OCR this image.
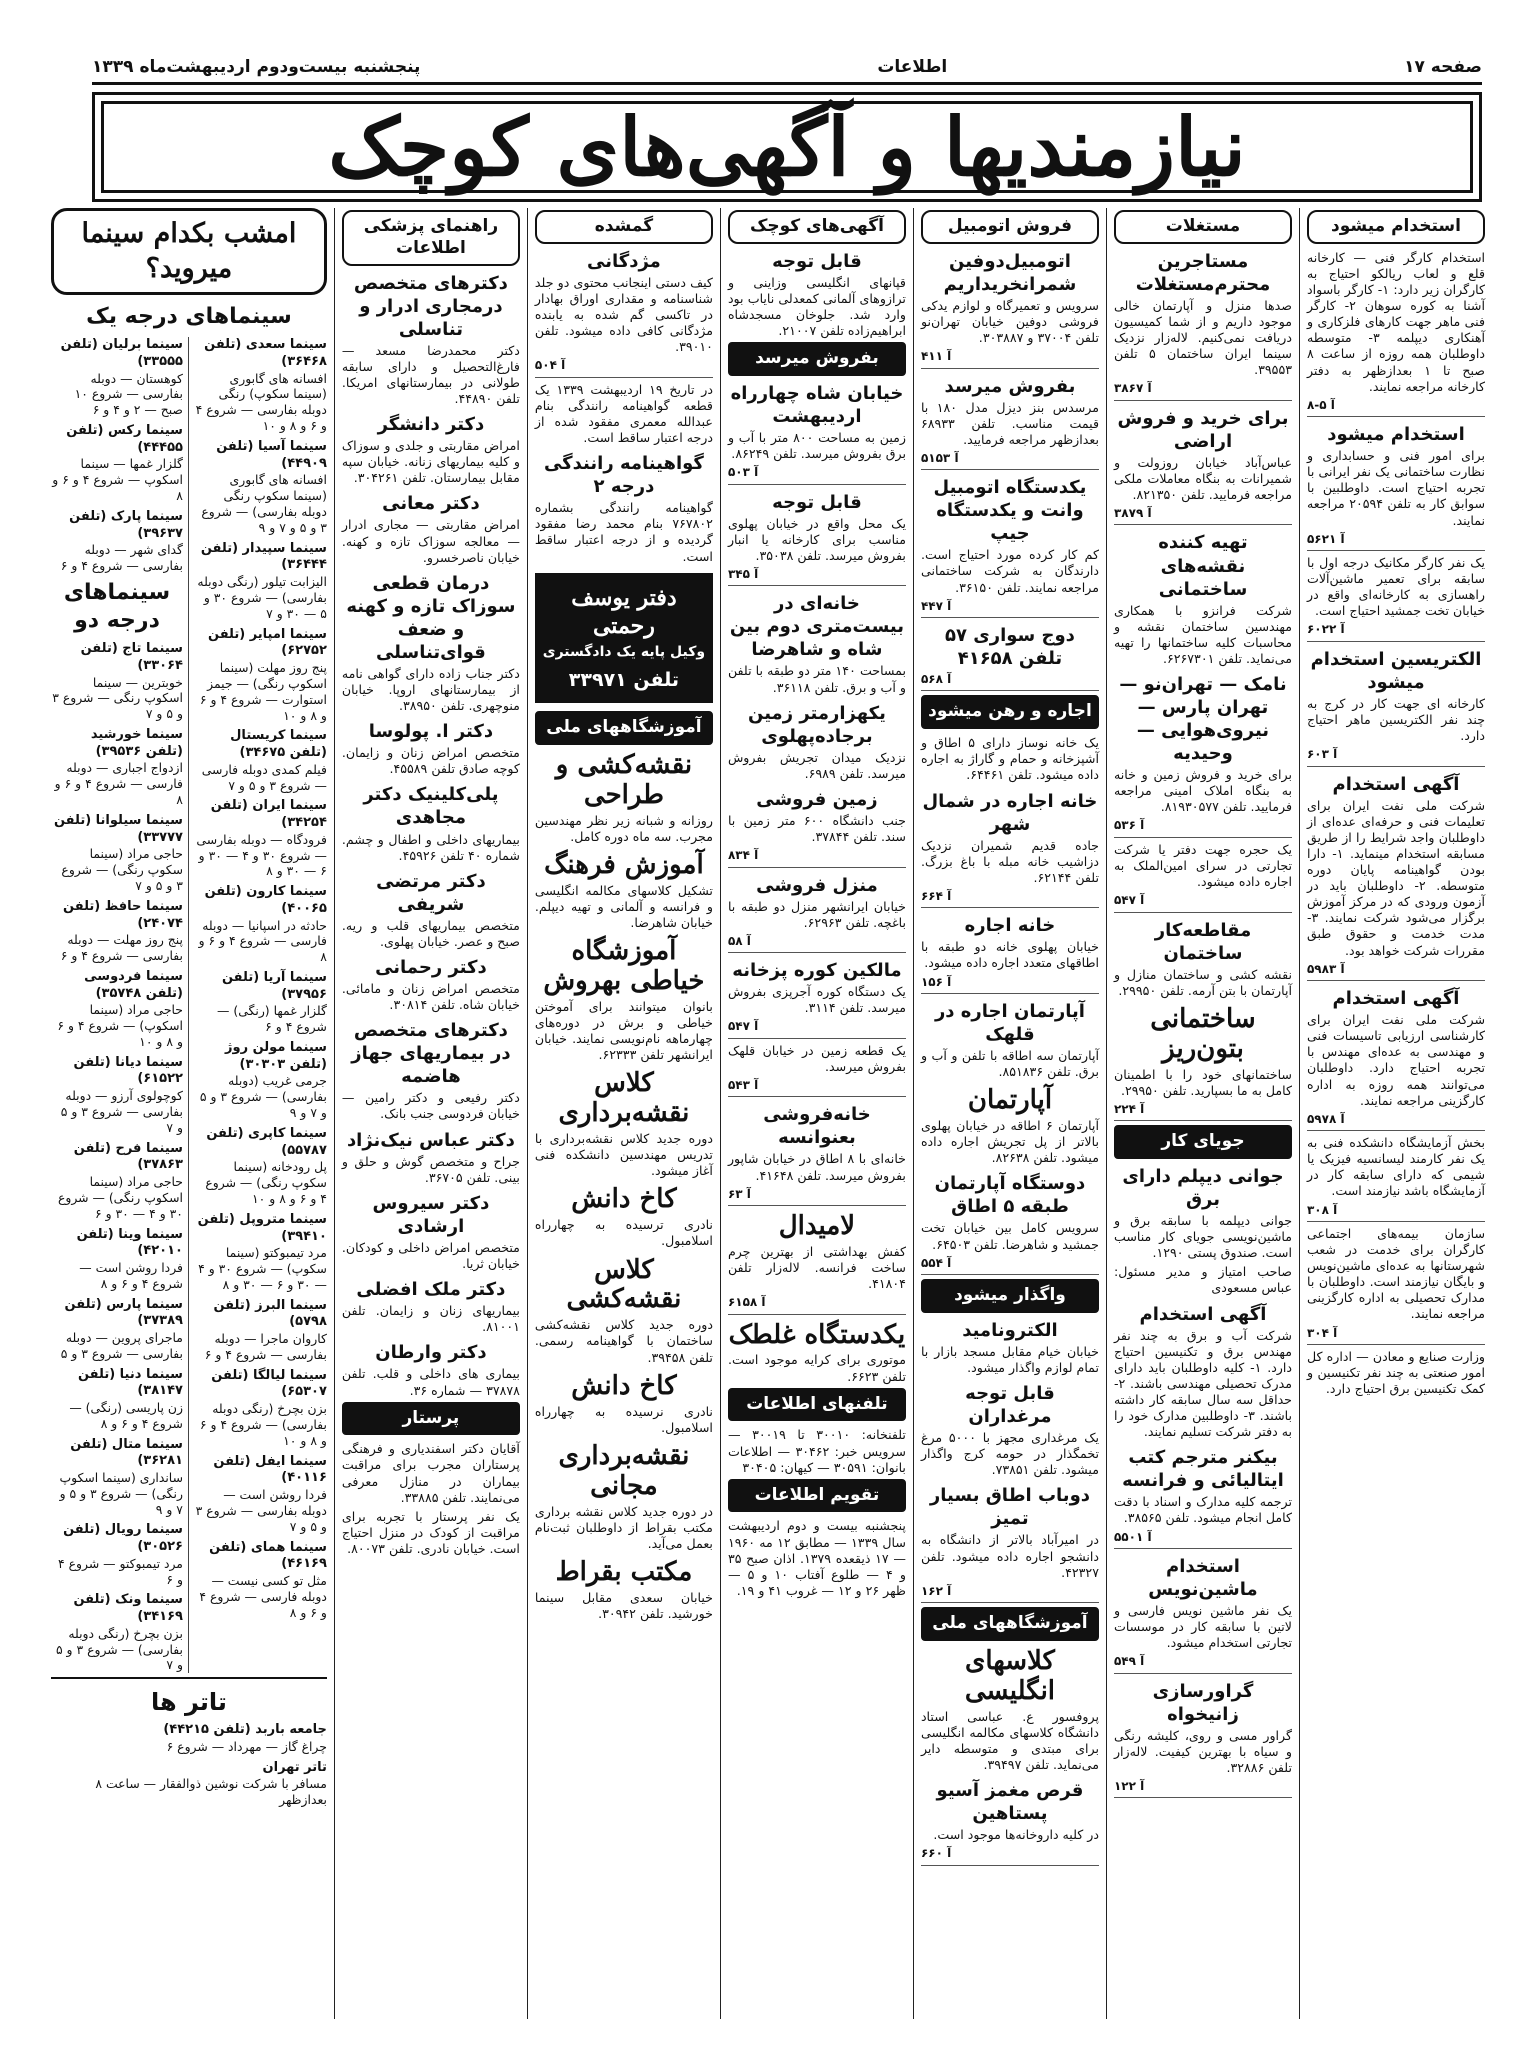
صفحه ۱۷
اطلاعات
پنجشنبه بیست‌ودوم اردیبهشت‌ماه ۱۳۳۹
نیازمندیها و آگهی‌های کوچک
استخدام میشود
استخدام کارگر فنی — کارخانه قلع و لعاب ریالکو احتیاج به کارگران زیر دارد: ۱- کارگر باسواد آشنا به کوره سوهان ۲- کارگر فنی ماهر جهت کارهای فلزکاری و آهنکاری دیپلمه ۳- متوسطه داوطلبان همه روزه از ساعت ۸ صبح تا ۱ بعدازظهر به دفتر کارخانه مراجعه نمایند.
۸-۵ آ
استخدام میشود
برای امور فنی و حسابداری و نظارت ساختمانی یک نفر ایرانی با تجربه احتیاج است. داوطلبین با سوابق کار به تلفن ۲۰۵۹۴ مراجعه نمایند.
۵۶۲۱ آ
یک نفر کارگر مکانیک درجه اول با سابقه برای تعمیر ماشین‌آلات راهسازی به کارخانه‌ای واقع در خیابان تخت جمشید احتیاج است.
۶۰۲۲ آ
الکتریسین استخدام میشود
کارخانه ای جهت کار در کرج به چند نفر الکتریسین ماهر احتیاج دارد.
۶۰۳ آ
آگهی استخدام
شرکت ملی نفت ایران برای تعلیمات فنی و حرفه‌ای عده‌ای از داوطلبان واجد شرایط را از طریق مسابقه استخدام مینماید. ۱- دارا بودن گواهینامه پایان دوره متوسطه. ۲- داوطلبان باید در آزمون ورودی که در مرکز آموزش برگزار می‌شود شرکت نمایند. ۳- مدت خدمت و حقوق طبق مقررات شرکت خواهد بود.
۵۹۸۳ آ
آگهی استخدام
شرکت ملی نفت ایران برای کارشناسی ارزیابی تاسیسات فنی و مهندسی به عده‌ای مهندس با تجربه احتیاج دارد. داوطلبان می‌توانند همه روزه به اداره کارگزینی مراجعه نمایند.
۵۹۷۸ آ
بخش آزمایشگاه دانشکده فنی به یک نفر کارمند لیسانسیه فیزیک یا شیمی که دارای سابقه کار در آزمایشگاه باشد نیازمند است.
۳۰۸ آ
سازمان بیمه‌های اجتماعی کارگران برای خدمت در شعب شهرستانها به عده‌ای ماشین‌نویس و بایگان نیازمند است. داوطلبان با مدارک تحصیلی به اداره کارگزینی مراجعه نمایند.
۳۰۴ آ
وزارت صنایع و معادن — اداره کل امور صنعتی به چند نفر تکنیسین و کمک تکنیسین برق احتیاج دارد.
مستغلات
مستاجرین محترم‌مستغلات
صدها منزل و آپارتمان خالی موجود داریم و از شما کمیسیون دریافت نمی‌کنیم. لاله‌زار نزدیک سینما ایران ساختمان ۵ تلفن ۳۹۵۵۳.
۳۸۶۷ آ
برای خرید و فروش اراضی
عباس‌آباد خیابان روزولت و شمیرانات به بنگاه معاملات ملکی مراجعه فرمایید. تلفن ۸۲۱۳۵۰.
۳۸۷۹ آ
تهیه کننده نقشه‌های ساختمانی
شرکت فرانزو با همکاری مهندسین ساختمان نقشه و محاسبات کلیه ساختمانها را تهیه می‌نماید. تلفن ۶۲۶۷۳۰۱.
نامک — تهران‌نو — تهران پارس — نیروی‌هوایی — وحیدیه
برای خرید و فروش زمین و خانه به بنگاه املاک امینی مراجعه فرمایید. تلفن ۸۱۹۳۰۵۷۷.
۵۳۶ آ
یک حجره جهت دفتر یا شرکت تجارتی در سرای امین‌الملک به اجاره داده میشود.
۵۴۷ آ
مقاطعه‌کار ساختمان
نقشه کشی و ساختمان منازل و آپارتمان با بتن آرمه. تلفن ۲۹۹۵۰.
ساختمانی بتون‌ریز
ساختمانهای خود را با اطمینان کامل به ما بسپارید. تلفن ۲۹۹۵۰.
۲۲۴ آ
جویای کار
جوانی دیپلم دارای برق
جوانی دیپلمه با سابقه برق و ماشین‌نویسی جویای کار مناسب است. صندوق پستی ۱۲۹۰.
صاحب امتیاز و مدیر مسئول: عباس مسعودی
آگهی استخدام
شرکت آب و برق به چند نفر مهندس برق و تکنیسین احتیاج دارد. ۱- کلیه داوطلبان باید دارای مدرک تحصیلی مهندسی باشند. ۲- حداقل سه سال سابقه کار داشته باشند. ۳- داوطلبین مدارک خود را به دفتر شرکت تسلیم نمایند.
بیکنر مترجم کتب ایتالیائی و فرانسه
ترجمه کلیه مدارک و اسناد با دقت کامل انجام میشود. تلفن ۳۸۵۶۵.
۵۵۰۱ آ
استخدام ماشین‌نویس
یک نفر ماشین نویس فارسی و لاتین با سابقه کار در موسسات تجارتی استخدام میشود.
۵۴۹ آ
گراورسازی زانیخواه
گراور مسی و روی، کلیشه رنگی و سیاه با بهترین کیفیت. لاله‌زار تلفن ۳۲۸۸۶.
۱۲۲ آ
فروش اتومبیل
اتومبیل‌دوفین شمرانخریداریم
سرویس و تعمیرگاه و لوازم یدکی فروشی دوفین خیابان تهران‌نو تلفن ۳۷۰۰۴ و ۳۰۳۸۸۷.
۴۱۱ آ
بفروش میرسد
مرسدس بنز دیزل مدل ۱۸۰ با قیمت مناسب. تلفن ۶۸۹۳۳ بعدازظهر مراجعه فرمایید.
۵۱۵۳ آ
یکدستگاه اتومبیل وانت و یکدستگاه جیپ
کم کار کرده مورد احتیاج است. دارندگان به شرکت ساختمانی مراجعه نمایند. تلفن ۳۶۱۵۰.
۴۴۷ آ
دوج سواری ۵۷ تلفن ۴۱۶۵۸
۵۶۸ آ
اجاره و رهن میشود
یک خانه نوساز دارای ۵ اطاق و آشپزخانه و حمام و گاراژ به اجاره داده میشود. تلفن ۶۴۴۶۱.
خانه اجاره در شمال شهر
جاده قدیم شمیران نزدیک دزاشیب خانه مبله با باغ بزرگ. تلفن ۶۲۱۴۴.
۶۶۴ آ
خانه اجاره
خیابان پهلوی خانه دو طبقه با اطاقهای متعدد اجاره داده میشود.
۱۵۶ آ
آپارتمان اجاره در قلهک
آپارتمان سه اطاقه با تلفن و آب و برق. تلفن ۸۵۱۸۳۶.
آپارتمان
آپارتمان ۶ اطاقه در خیابان پهلوی بالاتر از پل تجریش اجاره داده میشود. تلفن ۸۲۶۳۸.
دوستگاه آپارتمان طبقه ۵ اطاق
سرویس کامل بین خیابان تخت جمشید و شاهرضا. تلفن ۶۴۵۰۳.
۵۵۴ آ
واگذار میشود
الکترونامید
خیابان خیام مقابل مسجد بازار با تمام لوازم واگذار میشود.
قابل توجه مرغداران
یک مرغداری مجهز با ۵۰۰۰ مرغ تخمگذار در حومه کرج واگذار میشود. تلفن ۷۳۸۵۱.
دوباب اطاق بسیار تمیز
در امیرآباد بالاتر از دانشگاه به دانشجو اجاره داده میشود. تلفن ۴۲۳۲۷.
۱۶۲ آ
آموزشگاههای ملی
کلاسهای انگلیسی
پروفسور ع. عباسی استاد دانشگاه کلاسهای مکالمه انگلیسی برای مبتدی و متوسطه دایر می‌نماید. تلفن ۳۹۴۹۷.
قرص مغمز آسیو پستاهین
در کلیه داروخانه‌ها موجود است.
۶۶۰ آ
آگهی‌های کوچک
قابل توجه
قپانهای انگلیسی وزاینی و ترازوهای آلمانی کمعدلی نایاب بود وارد شد. جلوخان مسجدشاه ابراهیم‌زاده تلفن ۲۱۰۰۷.
بفروش میرسد
خیابان شاه چهارراه اردیبهشت
زمین به مساحت ۸۰۰ متر با آب و برق بفروش میرسد. تلفن ۸۶۲۴۹.
۵۰۳ آ
قابل توجه
یک محل واقع در خیابان پهلوی مناسب برای کارخانه یا انبار بفروش میرسد. تلفن ۳۵۰۳۸.
۳۴۵ آ
خانه‌ای در بیست‌متری دوم بین شاه و شاهرضا
بمساحت ۱۴۰ متر دو طبقه با تلفن و آب و برق. تلفن ۳۶۱۱۸.
یکهزارمتر زمین برجاده‌پهلوی
نزدیک میدان تجریش بفروش میرسد. تلفن ۶۹۸۹.
زمین فروشی
جنب دانشگاه ۶۰۰ متر زمین با سند. تلفن ۳۷۸۴۴.
۸۳۴ آ
منزل فروشی
خیابان ایرانشهر منزل دو طبقه با باغچه. تلفن ۶۲۹۶۳.
۵۸ آ
مالکین کوره پزخانه
یک دستگاه کوره آجرپزی بفروش میرسد. تلفن ۳۱۱۴.
۵۴۷ آ
یک قطعه زمین در خیابان قلهک بفروش میرسد.
۵۴۳ آ
خانه‌فروشی بعنوانسه
خانه‌ای با ۸ اطاق در خیابان شاپور بفروش میرسد. تلفن ۴۱۶۴۸.
۶۳ آ
لامیدال
کفش بهداشتی از بهترین چرم ساخت فرانسه. لاله‌زار تلفن ۴۱۸۰۴.
۶۱۵۸ آ
یکدستگاه غلطک
موتوری برای کرایه موجود است. تلفن ۶۶۲۳.
تلفنهای اطلاعات
تلفنخانه: ۳۰۰۱۰ تا ۳۰۰۱۹ — سرویس خبر: ۳۰۴۶۲ — اطلاعات بانوان: ۳۰۵۹۱ — کیهان: ۳۰۴۰۵
تقویم اطلاعات
پنجشنبه بیست و دوم اردیبهشت سال ۱۳۳۹ — مطابق ۱۲ مه ۱۹۶۰ — ۱۷ ذیقعده ۱۳۷۹. اذان صبح ۳۵ و ۴ — طلوع آفتاب ۱۰ و ۵ — ظهر ۲۶ و ۱۲ — غروب ۴۱ و ۱۹.
گمشده
مژدگانی
کیف دستی اینجانب محتوی دو جلد شناسنامه و مقداری اوراق بهادار در تاکسی گم شده به یابنده مژدگانی کافی داده میشود. تلفن ۳۹۰۱۰.
۵۰۴ آ
در تاریخ ۱۹ اردیبهشت ۱۳۳۹ یک قطعه گواهینامه رانندگی بنام عبدالله معمری مفقود شده از درجه اعتبار ساقط است.
گواهینامه رانندگی درجه ۲
گواهینامه رانندگی بشماره ۷۶۷۸۰۲ بنام محمد رضا مفقود گردیده و از درجه اعتبار ساقط است.
دفتر یوسف رحمتی
وکیل پایه یک دادگستری
تلفن ۳۳۹۷۱
آموزشگاههای ملی
نقشه‌کشی و طراحی
روزانه و شبانه زیر نظر مهندسین مجرب. سه ماه دوره کامل.
آموزش فرهنگ
تشکیل کلاسهای مکالمه انگلیسی و فرانسه و آلمانی و تهیه دیپلم. خیابان شاهرضا.
آموزشگاه خیاطی بهروش
بانوان میتوانند برای آموختن خیاطی و برش در دوره‌های چهارماهه نام‌نویسی نمایند. خیابان ایرانشهر تلفن ۶۲۳۳۳.
کلاس نقشه‌برداری
دوره جدید کلاس نقشه‌برداری با تدریس مهندسین دانشکده فنی آغاز میشود.
کاخ دانش
نادری ترسیده به چهارراه اسلامبول.
کلاس نقشه‌کشی
دوره جدید کلاس نقشه‌کشی ساختمان با گواهینامه رسمی. تلفن ۳۹۴۵۸.
کاخ دانش
نادری نرسیده به چهارراه اسلامبول.
نقشه‌برداری مجانی
در دوره جدید کلاس نقشه برداری مکتب بقراط از داوطلبان ثبت‌نام بعمل می‌آید.
مکتب بقراط
خیابان سعدی مقابل سینما خورشید. تلفن ۳۰۹۴۲.
راهنمای پزشکی اطلاعات
دکترهای متخصص درمجاری ادرار و تناسلی
دکتر محمدرضا مسعد — فارغ‌التحصیل و دارای سابقه طولانی در بیمارستانهای امریکا. تلفن ۴۴۸۹۰.
دکتر دانشگر
امراض مقاربتی و جلدی و سوزاک و کلیه بیماریهای زنانه. خیابان سپه مقابل بیمارستان. تلفن ۳۰۴۲۶۱.
دکتر معانی
امراض مقاربتی — مجاری ادرار — معالجه سوزاک تازه و کهنه. خیابان ناصرخسرو.
درمان قطعی سوزاک تازه و کهنه و ضعف قوای‌تناسلی
دکتر جناب زاده دارای گواهی نامه از بیمارستانهای اروپا. خیابان منوچهری. تلفن ۳۸۹۵۰.
دکتر ا. پولوسا
متخصص امراض زنان و زایمان. کوچه صادق تلفن ۴۵۵۸۹.
پلی‌کلینیک دکتر مجاهدی
بیماریهای داخلی و اطفال و چشم. شماره ۴۰ تلفن ۴۵۹۲۶.
دکتر مرتضی شریفی
متخصص بیماریهای قلب و ریه. صبح و عصر. خیابان پهلوی.
دکتر رحمانی
متخصص امراض زنان و مامائی. خیابان شاه. تلفن ۳۰۸۱۴.
دکترهای متخصص در بیماریهای جهاز هاضمه
دکتر رفیعی و دکتر رامین — خیابان فردوسی جنب بانک.
دکتر عباس نیک‌نژاد
جراح و متخصص گوش و حلق و بینی. تلفن ۳۶۷۰۵.
دکتر سیروس ارشادی
متخصص امراض داخلی و کودکان. خیابان ثریا.
دکتر ملک افضلی
بیماریهای زنان و زایمان. تلفن ۸۱۰۰۱.
دکتر وارطان
بیماری های داخلی و قلب. تلفن ۳۷۸۷۸ — شماره ۳۶.
پرستار
آقایان دکتر اسفندیاری و فرهنگی پرستاران مجرب برای مراقبت بیماران در منازل معرفی می‌نمایند. تلفن ۳۳۸۸۵.
یک نفر پرستار با تجربه برای مراقبت از کودک در منزل احتیاج است. خیابان نادری. تلفن ۸۰۰۷۳.
امشب بکدام سینما میروید؟
سینماهای درجه یک
سینما سعدی (تلفن ۳۶۴۶۸)
افسانه های گابوری (سینما سکوپ) رنگی دوبله بفارسی — شروع ۴ و ۶ و ۸ و ۱۰
سینما آسیا (تلفن ۴۴۹۰۹)
افسانه های گابوری (سینما سکوپ رنگی دوبله بفارسی) — شروع ۳ و ۵ و ۷ و ۹
سینما سپیدار (تلفن ۳۶۴۴۴)
الیزابت تیلور (رنگی دوبله بفارسی) — شروع ۳۰ و ۵ — ۳۰ و ۷
سینما امپایر (تلفن ۶۲۷۵۲)
پنج روز مهلت (سینما اسکوپ رنگی) — جیمز استوارت — شروع ۴ و ۶ و ۸ و ۱۰
سینما کریستال (تلفن ۳۴۶۷۵)
فیلم کمدی دوبله فارسی — شروع ۳ و ۵ و ۷
سینما ایران (تلفن ۳۴۲۵۴)
فرودگاه — دوبله بفارسی — شروع ۳۰ و ۴ — ۳۰ و ۶ — ۳۰ و ۸
سینما کارون (تلفن ۴۰۰۶۵)
حادثه در اسپانیا — دوبله فارسی — شروع ۴ و ۶ و ۸
سینما آریا (تلفن ۳۷۹۵۶)
گلزار غمها (رنگی) — شروع ۴ و ۶
سینما مولن روژ (تلفن ۳۰۳۰۳)
جرمی غریب (دوبله بفارسی) — شروع ۳ و ۵ و ۷ و ۹
سینما کاپری (تلفن ۵۵۷۸۷)
پل رودخانه (سینما سکوپ رنگی) — شروع ۴ و ۶ و ۸ و ۱۰
سینما متروپل (تلفن ۳۹۴۱۰)
مرد تیمبوکتو (سینما سکوپ) — شروع ۳۰ و ۴ — ۳۰ و ۶ — ۳۰ و ۸
سینما البرز (تلفن ۵۷۹۸)
کاروان ماجرا — دوبله بفارسی — شروع ۴ و ۶
سینما لیالگا (تلفن ۶۵۳۰۷)
بزن بچرخ (رنگی دوبله بفارسی) — شروع ۴ و ۶ و ۸ و ۱۰
سینما ایفل (تلفن ۴۰۱۱۶)
فردا روشن است — دوبله بفارسی — شروع ۳ و ۵ و ۷
سینما همای (تلفن ۴۶۱۶۹)
مثل تو کسی نیست — دوبله فارسی — شروع ۴ و ۶ و ۸
سینما برلیان (تلفن ۳۳۵۵۵)
کوهستان — دوبله بفارسی — شروع ۱۰ صبح — ۲ و ۴ و ۶
سینما رکس (تلفن ۴۴۴۵۵)
گلزار غمها — سینما اسکوپ — شروع ۴ و ۶ و ۸
سینما پارک (تلفن ۳۹۶۳۷)
گدای شهر — دوبله بفارسی — شروع ۴ و ۶
سینماهای درجه دو
سینما تاج (تلفن ۳۳۰۶۴)
خوبترین — سینما اسکوپ رنگی — شروع ۳ و ۵ و ۷
سینما خورشید (تلفن ۳۹۵۳۶)
ازدواج اجباری — دوبله فارسی — شروع ۴ و ۶ و ۸
سینما سیلوانا (تلفن ۳۳۷۷۷)
حاجی مراد (سینما سکوپ رنگی) — شروع ۳ و ۵ و ۷
سینما حافظ (تلفن ۲۴۰۷۴)
پنج روز مهلت — دوبله بفارسی — شروع ۴ و ۶
سینما فردوسی (تلفن ۳۵۷۴۸)
حاجی مراد (سینما اسکوپ) — شروع ۴ و ۶ و ۸ و ۱۰
سینما دیانا (تلفن ۶۱۵۲۲)
کوچولوی آرزو — دوبله بفارسی — شروع ۳ و ۵ و ۷
سینما فرح (تلفن ۳۷۸۶۳)
حاجی مراد (سینما اسکوپ رنگی) — شروع ۳۰ و ۴ — ۳۰ و ۶
سینما وینا (تلفن ۴۲۰۱۰)
فردا روشن است — شروع ۴ و ۶ و ۸
سینما پارس (تلفن ۳۷۳۸۹)
ماجرای پروین — دوبله بفارسی — شروع ۳ و ۵
سینما دنیا (تلفن ۳۸۱۴۷)
زن پاریسی (رنگی) — شروع ۴ و ۶ و ۸
سینما متال (تلفن ۳۶۲۸۱)
سانداری (سینما اسکوپ رنگی) — شروع ۳ و ۵ و ۷ و ۹
سینما رویال (تلفن ۳۰۵۲۶)
مرد تیمبوکتو — شروع ۴ و ۶
سینما ونک (تلفن ۳۴۱۶۹)
بزن بچرخ (رنگی دوبله بفارسی) — شروع ۳ و ۵ و ۷
تاتر ها
جامعه باربد (تلفن ۴۴۲۱۵)
چراغ گاز — مهرداد — شروع ۶
تاتر تهران
مسافر با شرکت نوشین ذوالفقار — ساعت ۸ بعدازظهر
